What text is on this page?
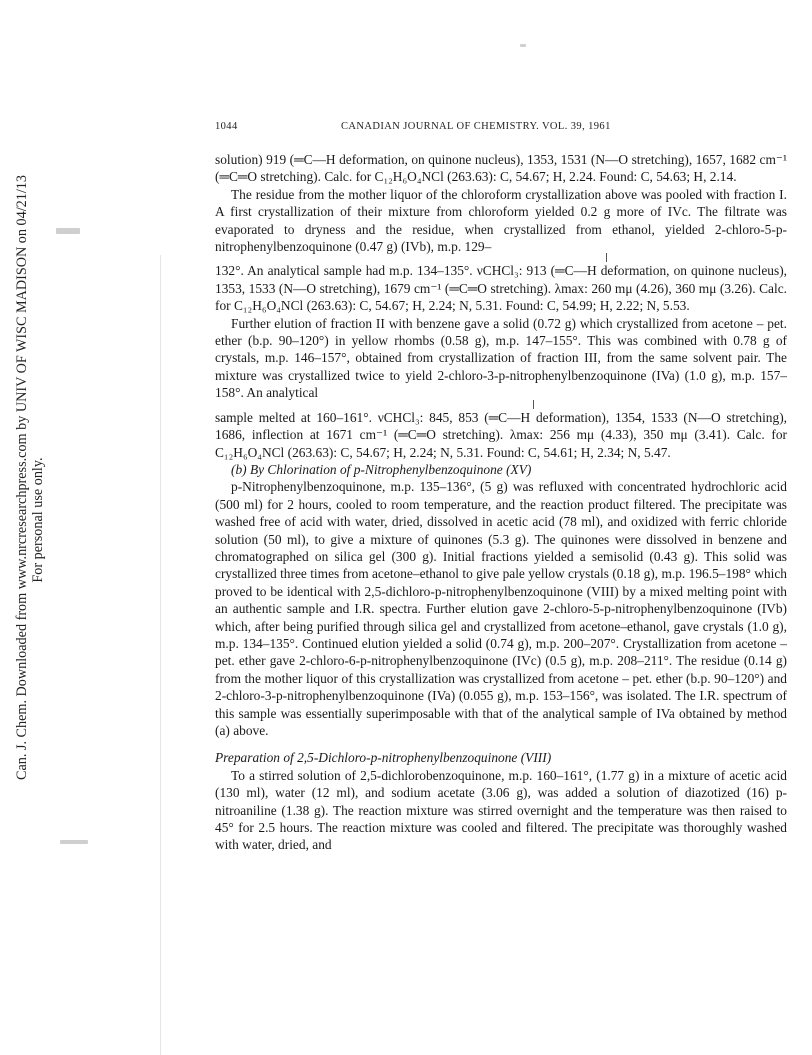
Can. J. Chem. Downloaded from www.nrcresearchpress.com by UNIV OF WISC MADISON on 04/21/13 For personal use only.
1044	CANADIAN JOURNAL OF CHEMISTRY. VOL. 39, 1961

solution) 919 (═C—H deformation, on quinone nucleus), 1353, 1531 (N—O stretching), 1657, 1682 cm⁻¹ (═C═O stretching). Calc. for C₁₂H₆O₄NCl (263.63): C, 54.67; H, 2.24. Found: C, 54.63; H, 2.14.

The residue from the mother liquor of the chloroform crystallization above was pooled with fraction I. A first crystallization of their mixture from chloroform yielded 0.2 g more of IVc. The filtrate was evaporated to dryness and the residue, when crystallized from ethanol, yielded 2-chloro-5-p-nitrophenylbenzoquinone (0.47 g) (IVb), m.p. 129–

132°. An analytical sample had m.p. 134–135°. νCHCl₃: 913 (═C—H deformation, on quinone nucleus), 1353, 1533 (N—O stretching), 1679 cm⁻¹ (═C═O stretching). λmax: 260 mμ (4.26), 360 mμ (3.26). Calc. for C₁₂H₆O₄NCl (263.63): C, 54.67; H, 2.24; N, 5.31. Found: C, 54.99; H, 2.22; N, 5.53.

Further elution of fraction II with benzene gave a solid (0.72 g) which crystallized from acetone – pet. ether (b.p. 90–120°) in yellow rhombs (0.58 g), m.p. 147–155°. This was combined with 0.78 g of crystals, m.p. 146–157°, obtained from crystallization of fraction III, from the same solvent pair. The mixture was crystallized twice to yield 2-chloro-3-p-nitrophenylbenzoquinone (IVa) (1.0 g), m.p. 157–158°. An analytical

sample melted at 160–161°. νCHCl₃: 845, 853 (═C—H deformation), 1354, 1533 (N—O stretching), 1686, inflection at 1671 cm⁻¹ (═C═O stretching). λmax: 256 mμ (4.33), 350 mμ (3.41). Calc. for C₁₂H₆O₄NCl (263.63): C, 54.67; H, 2.24; N, 5.31. Found: C, 54.61; H, 2.34; N, 5.47.

(b) By Chlorination of p-Nitrophenylbenzoquinone (XV)

p-Nitrophenylbenzoquinone, m.p. 135–136°, (5 g) was refluxed with concentrated hydrochloric acid (500 ml) for 2 hours, cooled to room temperature, and the reaction product filtered. The precipitate was washed free of acid with water, dried, dissolved in acetic acid (78 ml), and oxidized with ferric chloride solution (50 ml), to give a mixture of quinones (5.3 g). The quinones were dissolved in benzene and chromatographed on silica gel (300 g). Initial fractions yielded a semisolid (0.43 g). This solid was crystallized three times from acetone–ethanol to give pale yellow crystals (0.18 g), m.p. 196.5–198° which proved to be identical with 2,5-dichloro-p-nitrophenylbenzoquinone (VIII) by a mixed melting point with an authentic sample and I.R. spectra. Further elution gave 2-chloro-5-p-nitrophenylbenzoquinone (IVb) which, after being purified through silica gel and crystallized from acetone–ethanol, gave crystals (1.0 g), m.p. 134–135°. Continued elution yielded a solid (0.74 g), m.p. 200–207°. Crystallization from acetone – pet. ether gave 2-chloro-6-p-nitrophenylbenzoquinone (IVc) (0.5 g), m.p. 208–211°. The residue (0.14 g) from the mother liquor of this crystallization was crystallized from acetone – pet. ether (b.p. 90–120°) and 2-chloro-3-p-nitrophenylbenzoquinone (IVa) (0.055 g), m.p. 153–156°, was isolated. The I.R. spectrum of this sample was essentially superimposable with that of the analytical sample of IVa obtained by method (a) above.

Preparation of 2,5-Dichloro-p-nitrophenylbenzoquinone (VIII)

To a stirred solution of 2,5-dichlorobenzoquinone, m.p. 160–161°, (1.77 g) in a mixture of acetic acid (130 ml), water (12 ml), and sodium acetate (3.06 g), was added a solution of diazotized (16) p-nitroaniline (1.38 g). The reaction mixture was stirred overnight and the temperature was then raised to 45° for 2.5 hours. The reaction mixture was cooled and filtered. The precipitate was thoroughly washed with water, dried, and
